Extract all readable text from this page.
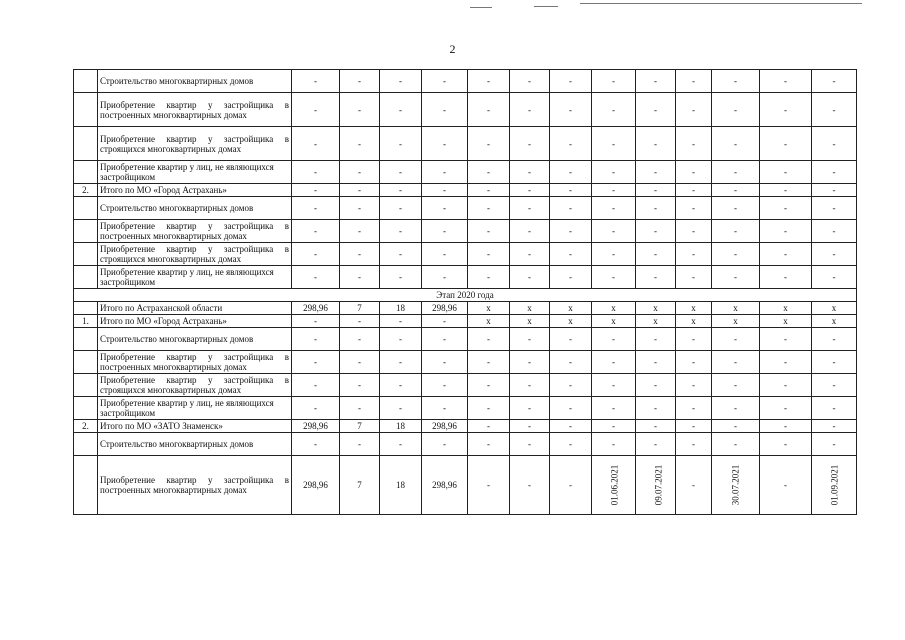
2
	Строительство многоквартирных домов	-	-	-	-	-	-	-	-	-	-	-	-	-
	Приобретение квартир у застройщика в построенных многоквартирных домах	-	-	-	-	-	-	-	-	-	-	-	-	-
	Приобретение квартир у застройщика в строящихся многоквартирных домах	-	-	-	-	-	-	-	-	-	-	-	-	-
	Приобретение квартир у лиц, не являющихся застройщиком	-	-	-	-	-	-	-	-	-	-	-	-	-
2.	Итого по МО «Город Астрахань»	-	-	-	-	-	-	-	-	-	-	-	-	-
	Строительство многоквартирных домов	-	-	-	-	-	-	-	-	-	-	-	-	-
	Приобретение квартир у застройщика в построенных многоквартирных домах	-	-	-	-	-	-	-	-	-	-	-	-	-
	Приобретение квартир у застройщика в строящихся многоквартирных домах	-	-	-	-	-	-	-	-	-	-	-	-	-
	Приобретение квартир у лиц, не являющихся застройщиком	-	-	-	-	-	-	-	-	-	-	-	-	-
Этап 2020 года														
	Итого по Астраханской области	298,96	7	18	298,96	x	x	x	x	x	x	x	x	x
1.	Итого по МО «Город Астрахань»	-	-	-	-	x	x	x	x	x	x	x	x	x
	Строительство многоквартирных домов	-	-	-	-	-	-	-	-	-	-	-	-	-
	Приобретение квартир у застройщика в построенных многоквартирных домах	-	-	-	-	-	-	-	-	-	-	-	-	-
	Приобретение квартир у застройщика в строящихся многоквартирных домах	-	-	-	-	-	-	-	-	-	-	-	-	-
	Приобретение квартир у лиц, не являющихся застройщиком	-	-	-	-	-	-	-	-	-	-	-	-	-
2.	Итого по МО «ЗАТО Знаменск»	298,96	7	18	298,96	-	-	-	-	-	-	-	-	-
	Строительство многоквартирных домов	-	-	-	-	-	-	-	-	-	-	-	-	-
	Приобретение квартир у застройщика в построенных многоквартирных домах	298,96	7	18	298,96	-	-	-	01.06.2021	09.07.2021	-	30.07.2021	-	01.09.2021
